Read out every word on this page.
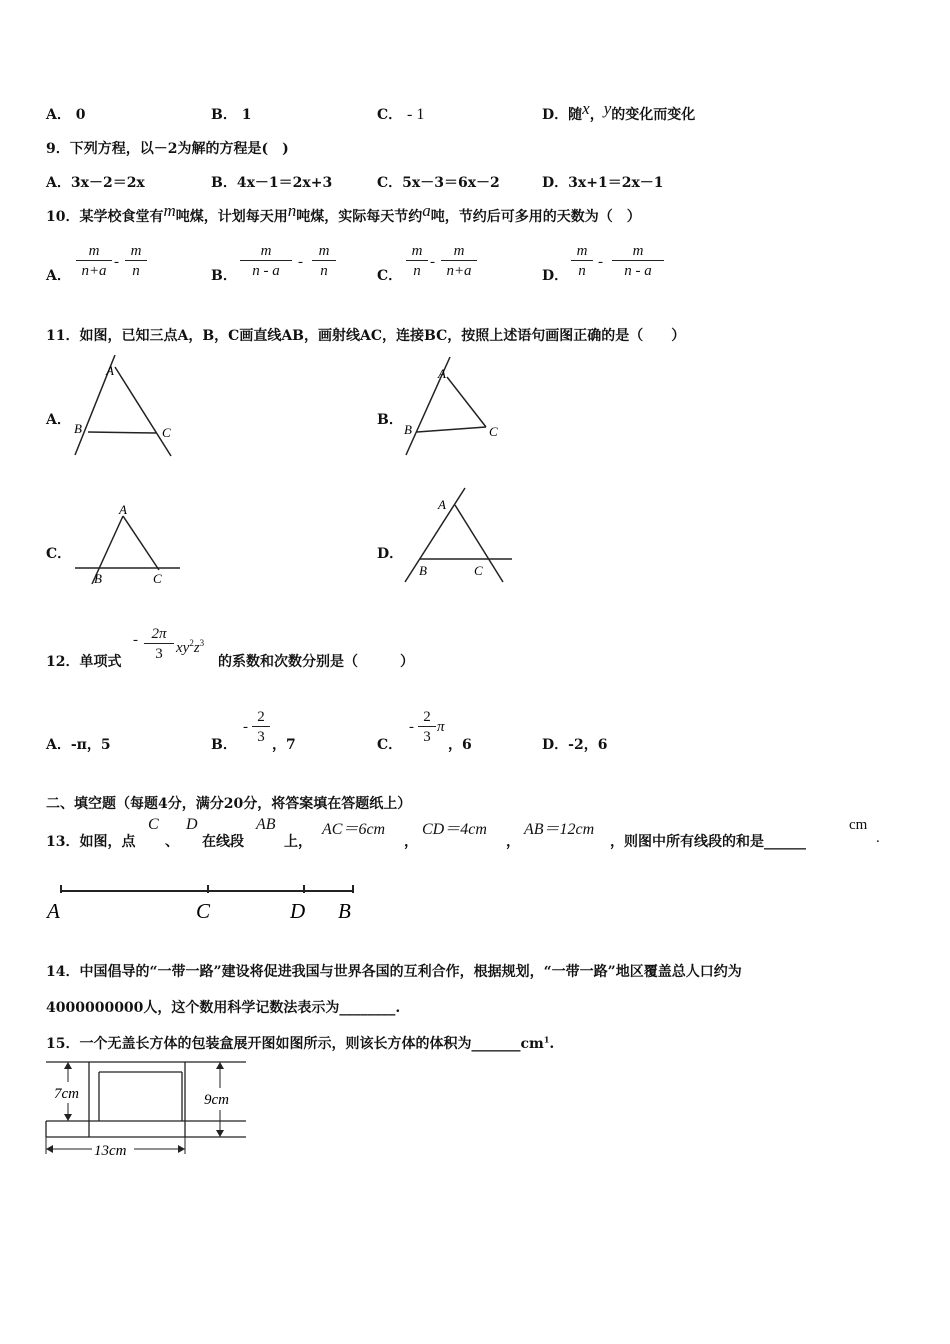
A． 0	B． 1	C． - 1	D．随x，y的变化而变化
9．下列方程，以－2为解的方程是(　)
A．3x－2＝2x	B．4x－1＝2x+3	C．5x－3＝6x－2	D．3x+1＝2x－1
10．某学校食堂有m吨煤，计划每天用n吨煤，实际每天节约a吨，节约后可多用的天数为（　）
A． $\frac{m}{n+a} - \frac{m}{n}$	B． $\frac{m}{n - a} - \frac{m}{n}$	C． $\frac{m}{n} - \frac{m}{n+a}$	D． $\frac{m}{n} - \frac{m}{n - a}$
11．如图，已知三点A，B，C画直线AB，画射线AC，连接BC，按照上述语句画图正确的是（　　）
A．
A
B	C
B．
A
B	C
C．
A
B	C
D．
A
B	C
12．单项式
- $\frac{2\pi}{3} xy^2z^3$
的系数和次数分别是（　　　）
A．-π，5	B．
- $\frac{2}{3}$ ，7	C．
- $\frac{2}{3}$ π
，6	D．-2，6
二、填空题（每题4分，满分20分，将答案填在答题纸上）
13．如图，点
C
、
D
在线段
AB
上，
AC＝6cm
，
CD＝4cm
，
AB＝12cm
，则图中所有线段的和是______
cm
.
A	C	D B
14．中国倡导的“一带一路”建设将促进我国与世界各国的互利合作，根据规划，“一带一路”地区覆盖总人口约为
4000000000人，这个数用科学记数法表示为________.
15．一个无盖长方体的包装盒展开图如图所示，则该长方体的体积为$\_\_\_\_\_\_\_cm^1$.
7cm	9cm
13cm
